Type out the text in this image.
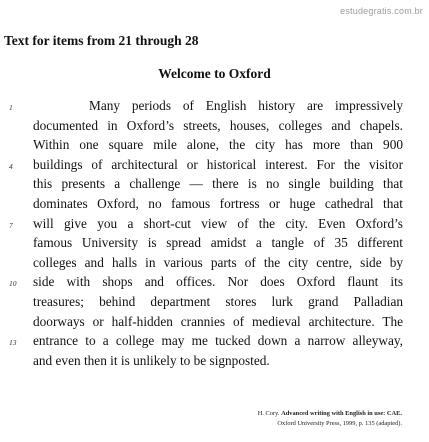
estudegratis.com.br
Text for items from 21 through 28
Welcome to Oxford
1	Many periods of English history are impressively
documented in Oxford’s streets, houses, colleges and chapels.
Within one square mile alone, the city has more than 900
4 buildings of architectural or historical interest. For the visitor
this presents a challenge — there is no single building that
dominates Oxford, no famous fortress or huge cathedral that
7 will give you a short-cut view of the city. Even Oxford’s
famous University is spread amidst a tangle of 35 different
colleges and halls in various parts of the city centre, side by
10 side with shops and offices. Nor does Oxford flaunt its
treasures; behind department stores lurk grand Palladian
doorways or half-hidden crannies of medieval architecture. The
13 entrance to a college may me tucked down a narrow alleyway,
and even then it is unlikely to be signposted.
H. Cory. Advanced writing with English in use: CAE.
Oxford University Press, 1999, p. 135 (adapted).
